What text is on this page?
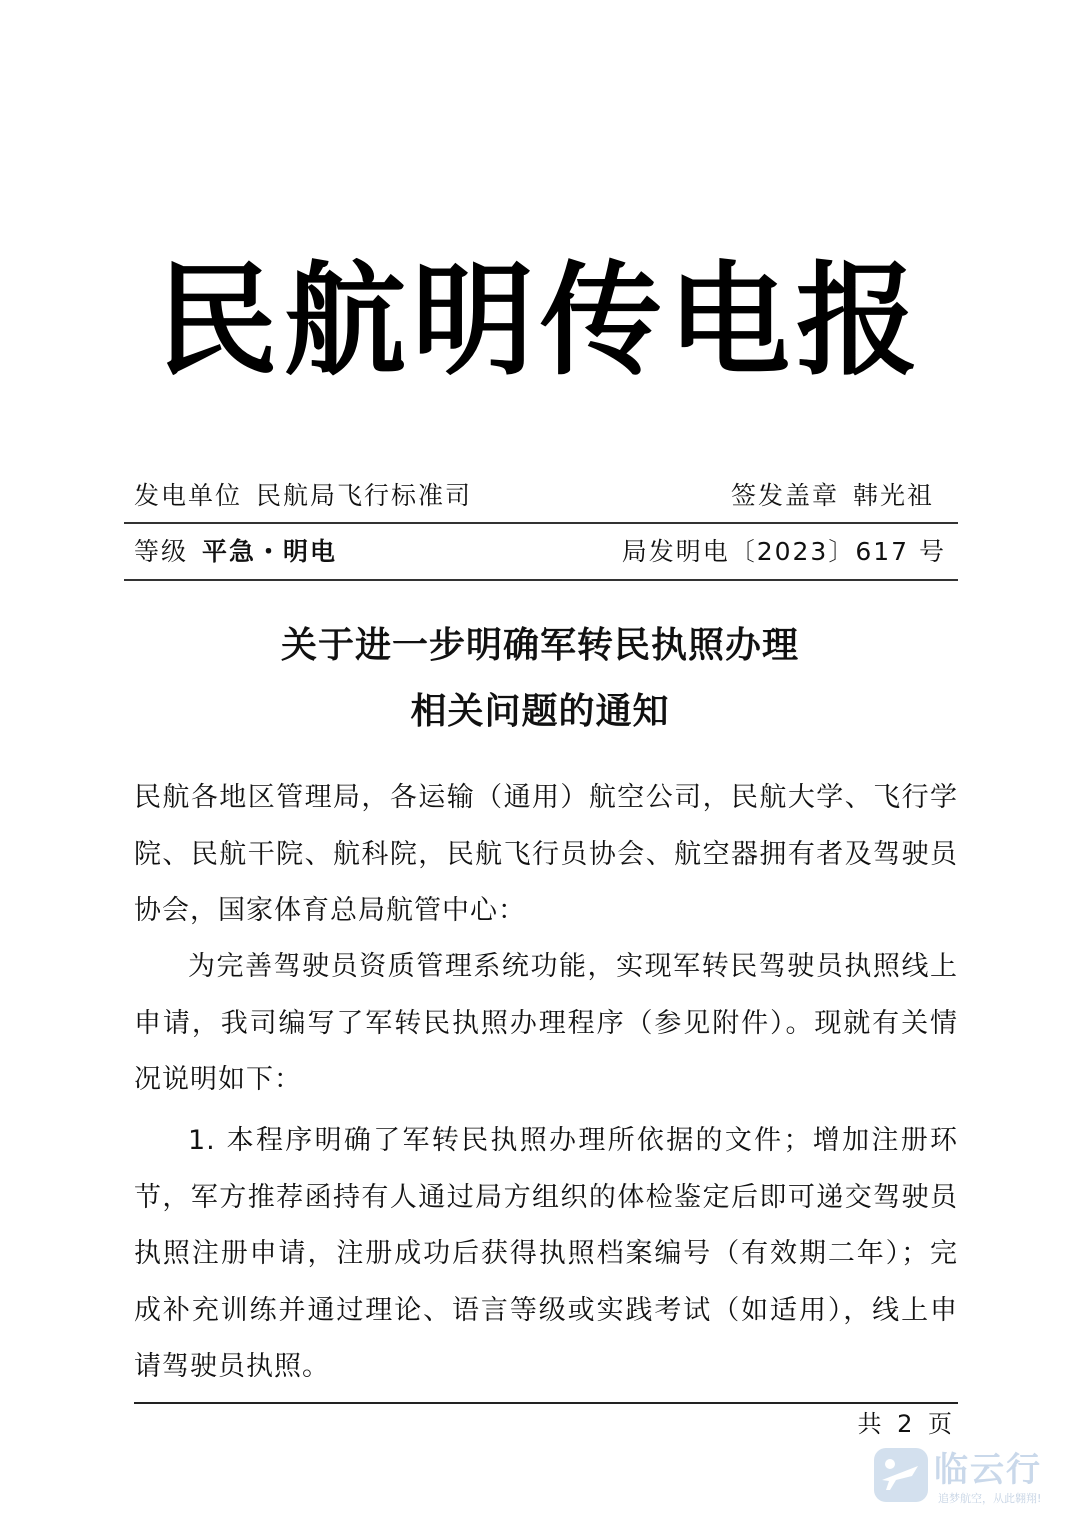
民航明传电报
发电单位 民航局飞行标准司	签发盖章 韩光祖
等级 平急・明电	局发明电〔2023〕617 号
关于进一步明确军转民执照办理
相关问题的通知
民航各地区管理局，各运输（通用）航空公司，民航大学、飞行学院、民航干院、航科院，民航飞行员协会、航空器拥有者及驾驶员协会，国家体育总局航管中心：
为完善驾驶员资质管理系统功能，实现军转民驾驶员执照线上申请，我司编写了军转民执照办理程序（参见附件）。现就有关情况说明如下：
1. 本程序明确了军转民执照办理所依据的文件；增加注册环节，军方推荐函持有人通过局方组织的体检鉴定后即可递交驾驶员执照注册申请，注册成功后获得执照档案编号（有效期二年）；完成补充训练并通过理论、语言等级或实践考试（如适用），线上申请驾驶员执照。
共 2 页
临云行
追梦航空，从此翱翔!
